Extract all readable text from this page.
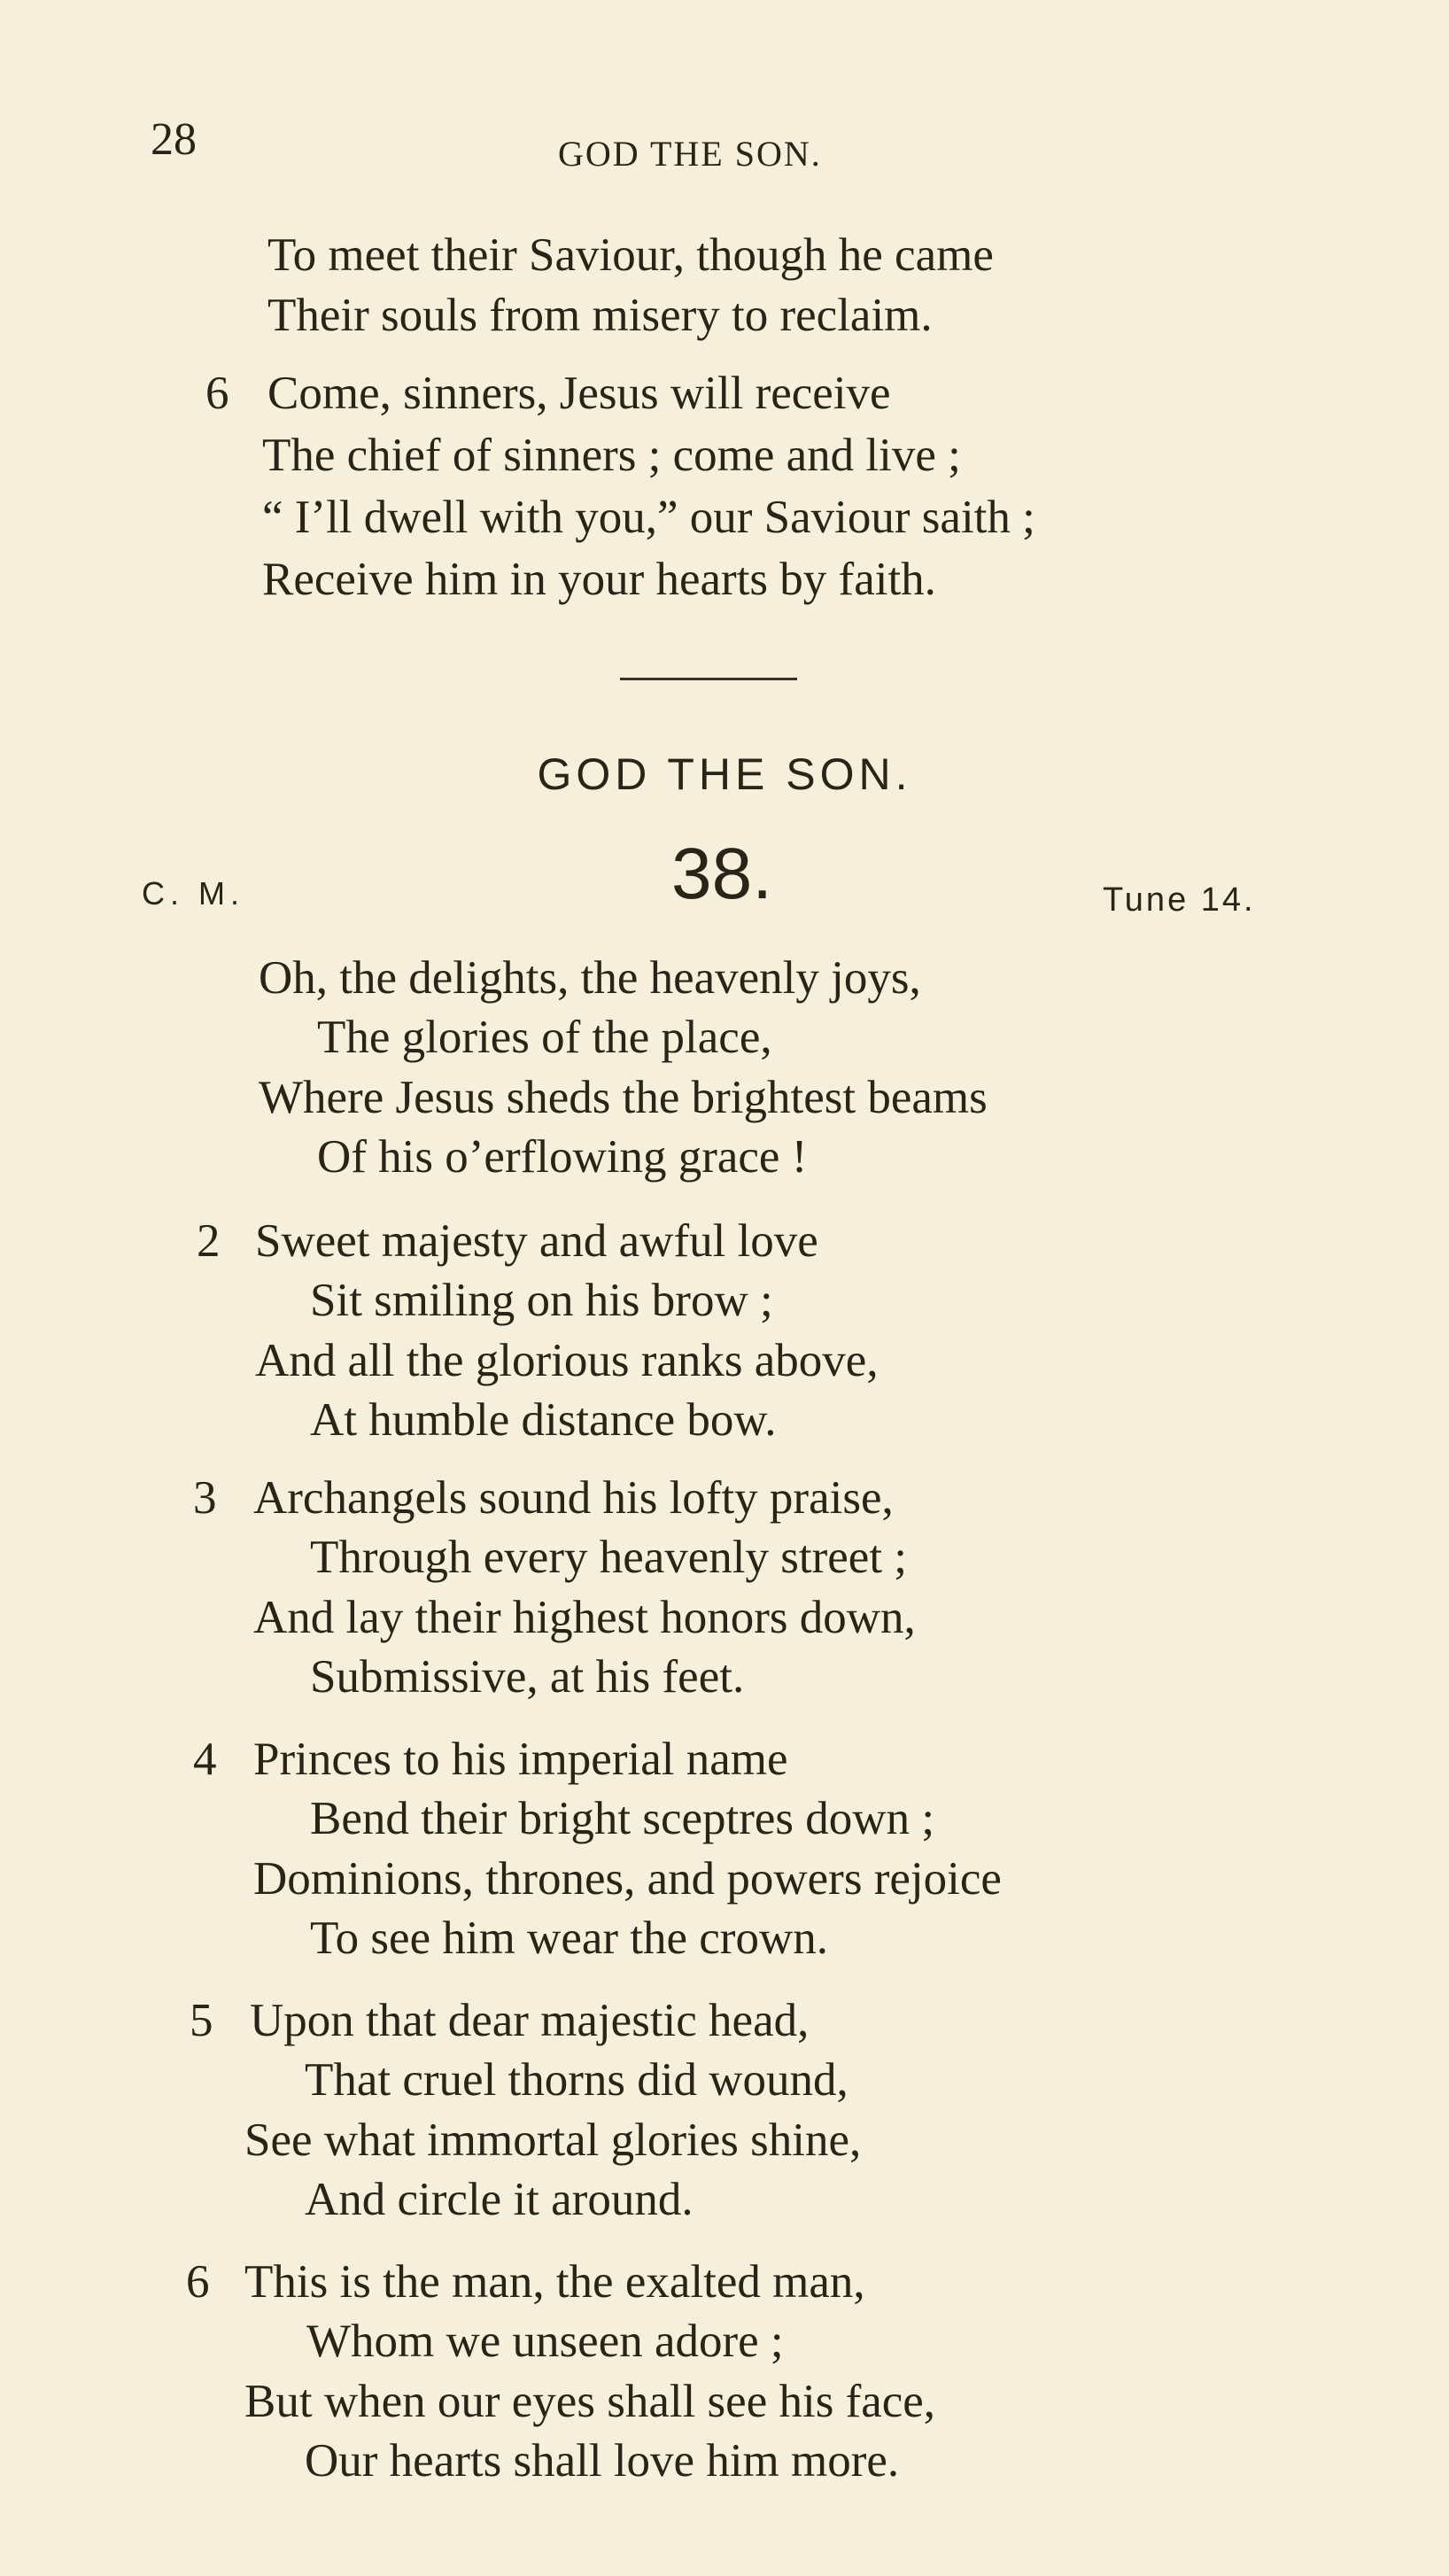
28	GOD THE SON.
To meet their Saviour, though he came
Their souls from misery to reclaim.
6 Come, sinners, Jesus will receive
The chief of sinners ; come and live ;
“ I’ll dwell with you,” our Saviour saith ;
Receive him in your hearts by faith.
GOD THE SON.
C. M.	38.	Tune 14.
Oh, the delights, the heavenly joys,
The glories of the place,
Where Jesus sheds the brightest beams
Of his o’erflowing grace !
2 Sweet majesty and awful love
Sit smiling on his brow ;
And all the glorious ranks above,
At humble distance bow.
3 Archangels sound his lofty praise,
Through every heavenly street ;
And lay their highest honors down,
Submissive, at his feet.
4 Princes to his imperial name
Bend their bright sceptres down ;
Dominions, thrones, and powers rejoice
To see him wear the crown.
5 Upon that dear majestic head,
That cruel thorns did wound,
See what immortal glories shine,
And circle it around.
6 This is the man, the exalted man,
Whom we unseen adore ;
But when our eyes shall see his face,
Our hearts shall love him more.
